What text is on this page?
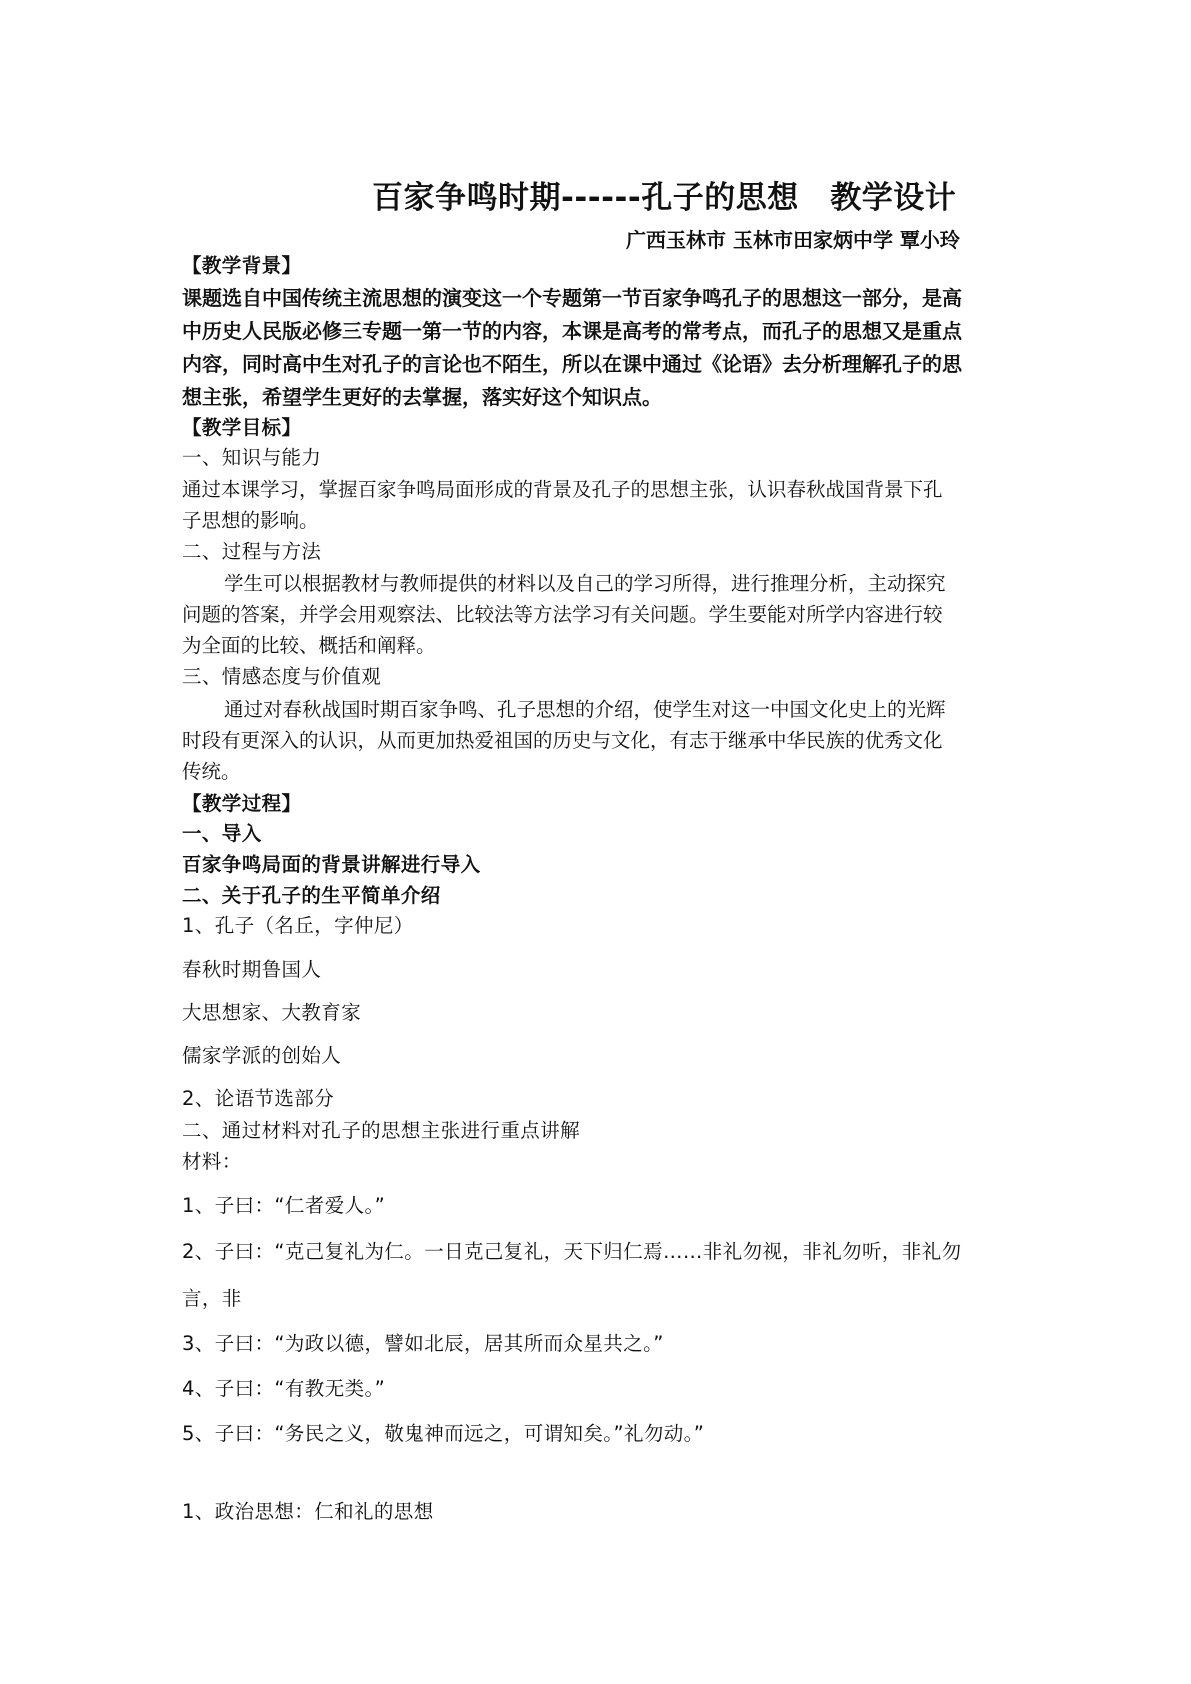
百家争鸣时期------孔子的思想　教学设计
广西玉林市 玉林市田家炳中学 覃小玲
【教学背景】
课题选自中国传统主流思想的演变这一个专题第一节百家争鸣孔子的思想这一部分，是高
中历史人民版必修三专题一第一节的内容，本课是高考的常考点，而孔子的思想又是重点
内容，同时高中生对孔子的言论也不陌生，所以在课中通过《论语》去分析理解孔子的思
想主张，希望学生更好的去掌握，落实好这个知识点。
【教学目标】
一、知识与能力
通过本课学习，掌握百家争鸣局面形成的背景及孔子的思想主张，认识春秋战国背景下孔
子思想的影响。
二、过程与方法
学生可以根据教材与教师提供的材料以及自己的学习所得，进行推理分析，主动探究
问题的答案，并学会用观察法、比较法等方法学习有关问题。学生要能对所学内容进行较
为全面的比较、概括和阐释。
三、情感态度与价值观
通过对春秋战国时期百家争鸣、孔子思想的介绍，使学生对这一中国文化史上的光辉
时段有更深入的认识，从而更加热爱祖国的历史与文化，有志于继承中华民族的优秀文化
传统。
【教学过程】
一、导入
百家争鸣局面的背景讲解进行导入
二、关于孔子的生平简单介绍
1、孔子（名丘，字仲尼）
春秋时期鲁国人
大思想家、大教育家
儒家学派的创始人
2、论语节选部分
二、通过材料对孔子的思想主张进行重点讲解
材料：
1、子曰：“仁者爱人。”
2、子曰：“克己复礼为仁。一日克己复礼，天下归仁焉……非礼勿视，非礼勿听，非礼勿
言，非
3、子曰：“为政以德，譬如北辰，居其所而众星共之。”
4、子曰：“有教无类。”
5、子曰：“务民之义，敬鬼神而远之，可谓知矣。”礼勿动。”
1、政治思想：仁和礼的思想
